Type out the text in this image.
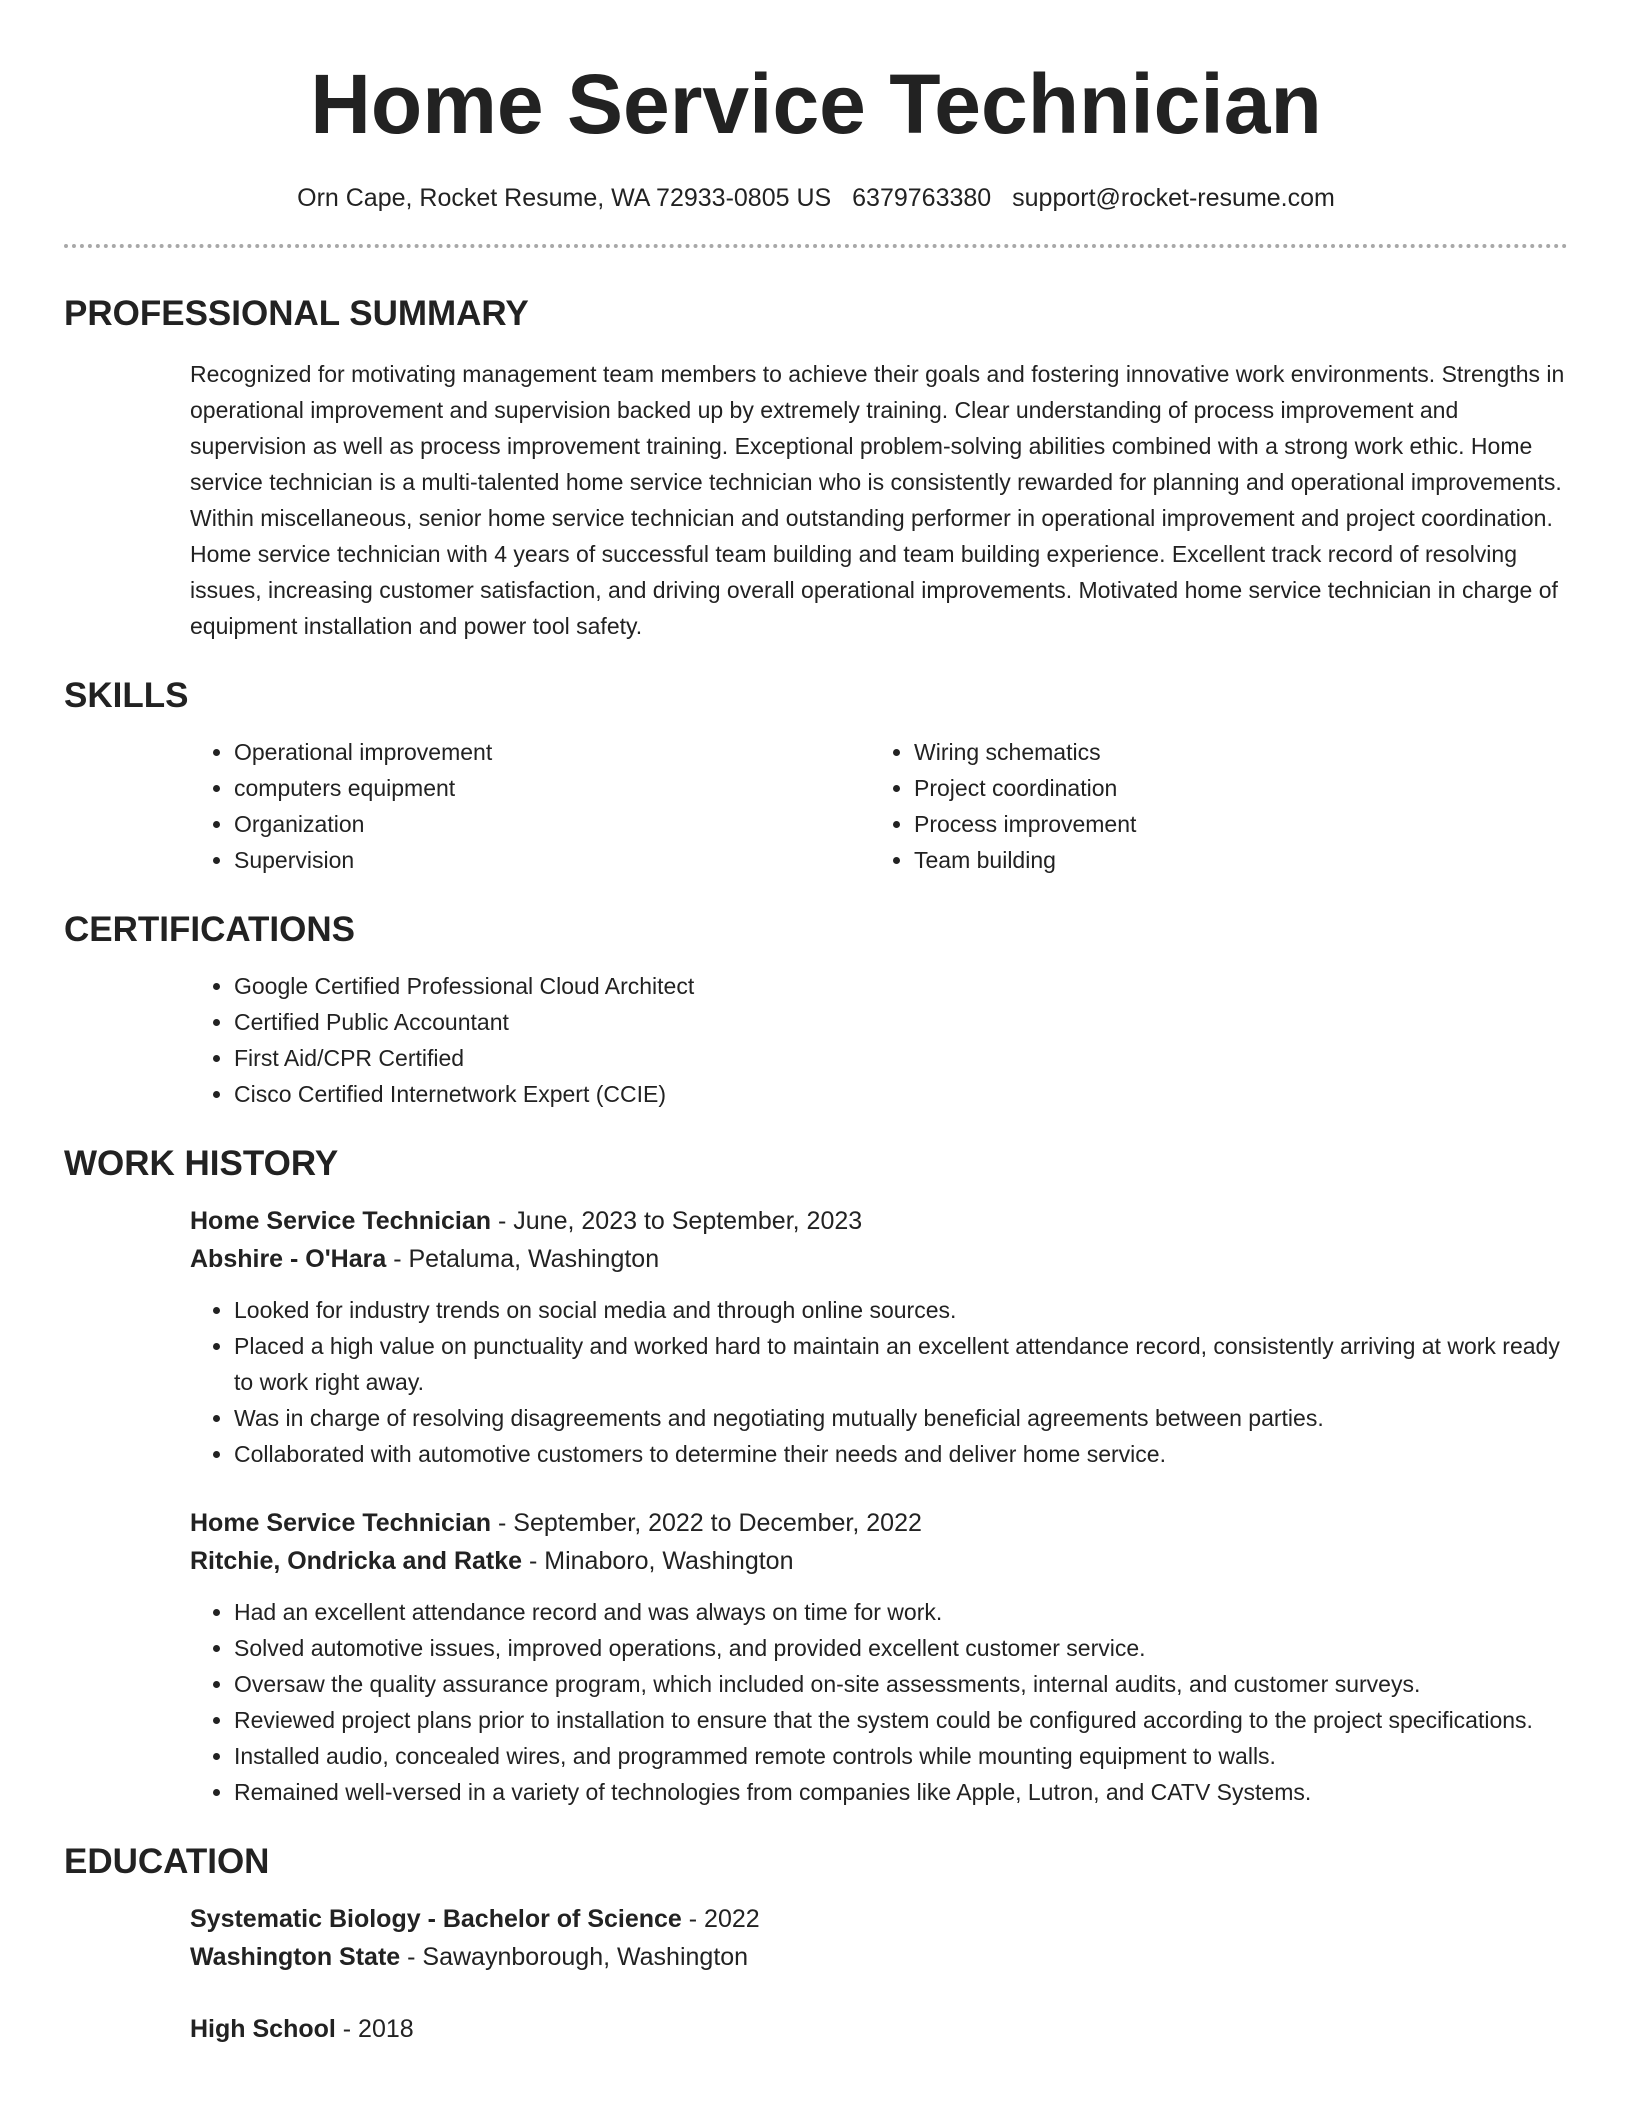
Home Service Technician
Orn Cape, Rocket Resume, WA 72933-0805 US 6379763380 support@rocket-resume.com
PROFESSIONAL SUMMARY

Recognized for motivating management team members to achieve their goals and fostering innovative work environments. Strengths in operational improvement and supervision backed up by extremely training. Clear understanding of process improvement and supervision as well as process improvement training. Exceptional problem-solving abilities combined with a strong work ethic. Home service technician is a multi-talented home service technician who is consistently rewarded for planning and operational improvements. Within miscellaneous, senior home service technician and outstanding performer in operational improvement and project coordination. Home service technician with 4 years of successful team building and team building experience. Excellent track record of resolving issues, increasing customer satisfaction, and driving overall operational improvements. Motivated home service technician in charge of equipment installation and power tool safety.

SKILLS
• Operational improvement
• computers equipment
• Organization
• Supervision
• Wiring schematics
• Project coordination
• Process improvement
• Team building
CERTIFICATIONS
• Google Certified Professional Cloud Architect
• Certified Public Accountant
• First Aid/CPR Certified
• Cisco Certified Internetwork Expert (CCIE)
WORK HISTORY
Home Service Technician - June, 2023 to September, 2023
Abshire - O'Hara - Petaluma, Washington
• Looked for industry trends on social media and through online sources.
• Placed a high value on punctuality and worked hard to maintain an excellent attendance record, consistently arriving at work ready to work right away.
• Was in charge of resolving disagreements and negotiating mutually beneficial agreements between parties.
• Collaborated with automotive customers to determine their needs and deliver home service.
Home Service Technician - September, 2022 to December, 2022
Ritchie, Ondricka and Ratke - Minaboro, Washington
• Had an excellent attendance record and was always on time for work.
• Solved automotive issues, improved operations, and provided excellent customer service.
• Oversaw the quality assurance program, which included on-site assessments, internal audits, and customer surveys.
• Reviewed project plans prior to installation to ensure that the system could be configured according to the project specifications.
• Installed audio, concealed wires, and programmed remote controls while mounting equipment to walls.
• Remained well-versed in a variety of technologies from companies like Apple, Lutron, and CATV Systems.
EDUCATION
Systematic Biology - Bachelor of Science - 2022
Washington State - Sawaynborough, Washington
High School - 2018
